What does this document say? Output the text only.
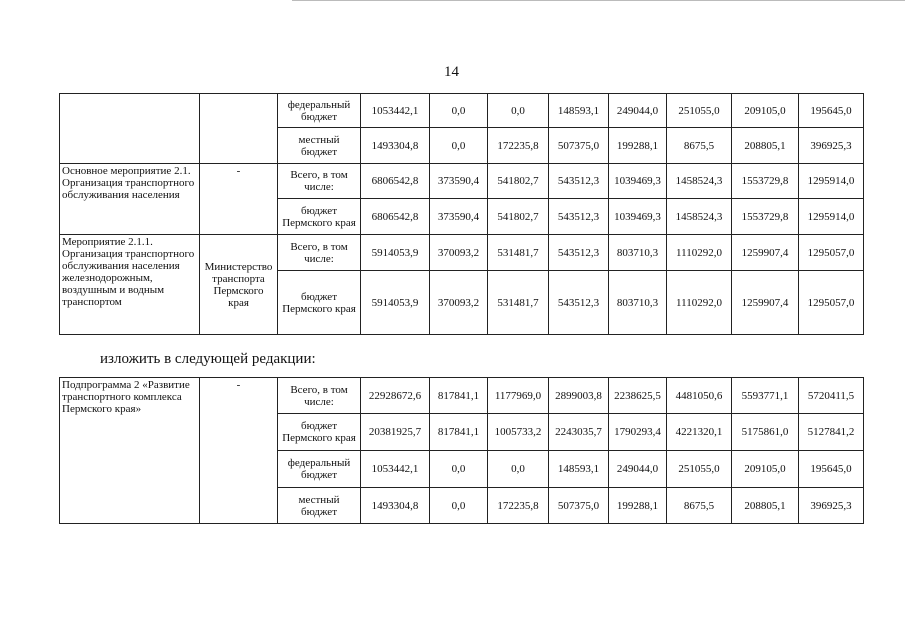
14
		федеральный бюджет	1053442,1	0,0	0,0	148593,1	249044,0	251055,0	209105,0	195645,0
		местный бюджет	1493304,8	0,0	172235,8	507375,0	199288,1	8675,5	208805,1	396925,3
Основное мероприятие 2.1. Организация транспортного обслуживания населения	-	Всего, в том числе:	6806542,8	373590,4	541802,7	543512,3	1039469,3	1458524,3	1553729,8	1295914,0
		бюджет Пермского края	6806542,8	373590,4	541802,7	543512,3	1039469,3	1458524,3	1553729,8	1295914,0
Мероприятие 2.1.1. Организация транспортного обслуживания населения железнодорожным, воздушным и водным транспортом	Министерство транспорта Пермского края	Всего, в том числе:	5914053,9	370093,2	531481,7	543512,3	803710,3	1110292,0	1259907,4	1295057,0
		бюджет Пермского края	5914053,9	370093,2	531481,7	543512,3	803710,3	1110292,0	1259907,4	1295057,0
изложить в следующей редакции:
Подпрограмма 2 «Развитие транспортного комплекса Пермского края»	-	Всего, в том числе:	22928672,6	817841,1	1177969,0	2899003,8	2238625,5	4481050,6	5593771,1	5720411,5
		бюджет Пермского края	20381925,7	817841,1	1005733,2	2243035,7	1790293,4	4221320,1	5175861,0	5127841,2
		федеральный бюджет	1053442,1	0,0	0,0	148593,1	249044,0	251055,0	209105,0	195645,0
		местный бюджет	1493304,8	0,0	172235,8	507375,0	199288,1	8675,5	208805,1	396925,3
